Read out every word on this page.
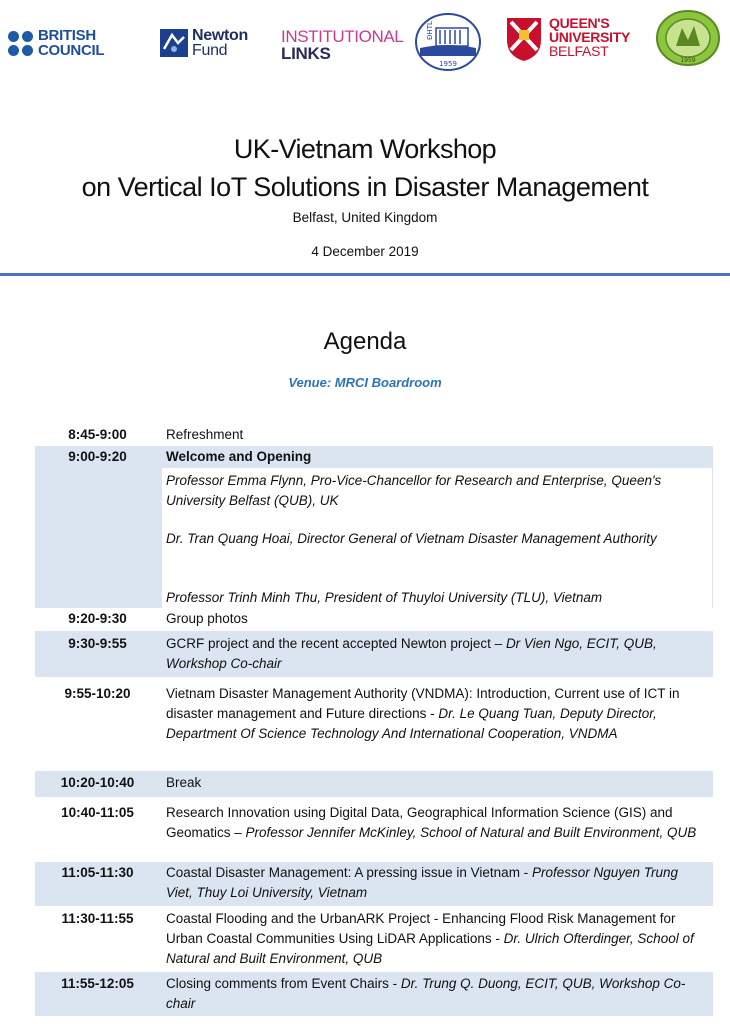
BRITISH
COUNCIL
Newton
Fund
INSTITUTIONAL
LINKS
ĐHTL
1959
QUEEN'S
UNIVERSITY
BELFAST
1959
UK-Vietnam Workshop
on Vertical IoT Solutions in Disaster Management
Belfast, United Kingdom
4 December 2019
Agenda
Venue: MRCI Boardroom
8:45-9:00	Refreshment
9:00-9:20	Welcome and Opening
Professor Emma Flynn, Pro-Vice-Chancellor for Research and Enterprise, Queen's University Belfast (QUB), UK
Dr. Tran Quang Hoai, Director General of Vietnam Disaster Management Authority
Professor Trinh Minh Thu, President of Thuyloi University (TLU), Vietnam
9:20-9:30	Group photos
9:30-9:55	GCRF project and the recent accepted Newton project – Dr Vien Ngo, ECIT, QUB, Workshop Co-chair
9:55-10:20	Vietnam Disaster Management Authority (VNDMA): Introduction, Current use of ICT in disaster management and Future directions - Dr. Le Quang Tuan, Deputy Director, Department Of Science Technology And International Cooperation, VNDMA
10:20-10:40	Break
10:40-11:05	Research Innovation using Digital Data, Geographical Information Science (GIS) and Geomatics – Professor Jennifer McKinley, School of Natural and Built Environment, QUB
11:05-11:30	Coastal Disaster Management: A pressing issue in Vietnam - Professor Nguyen Trung Viet, Thuy Loi University, Vietnam
11:30-11:55	Coastal Flooding and the UrbanARK Project - Enhancing Flood Risk Management for Urban Coastal Communities Using LiDAR Applications - Dr. Ulrich Ofterdinger, School of Natural and Built Environment, QUB
11:55-12:05	Closing comments from Event Chairs - Dr. Trung Q. Duong, ECIT, QUB, Workshop Co-chair
